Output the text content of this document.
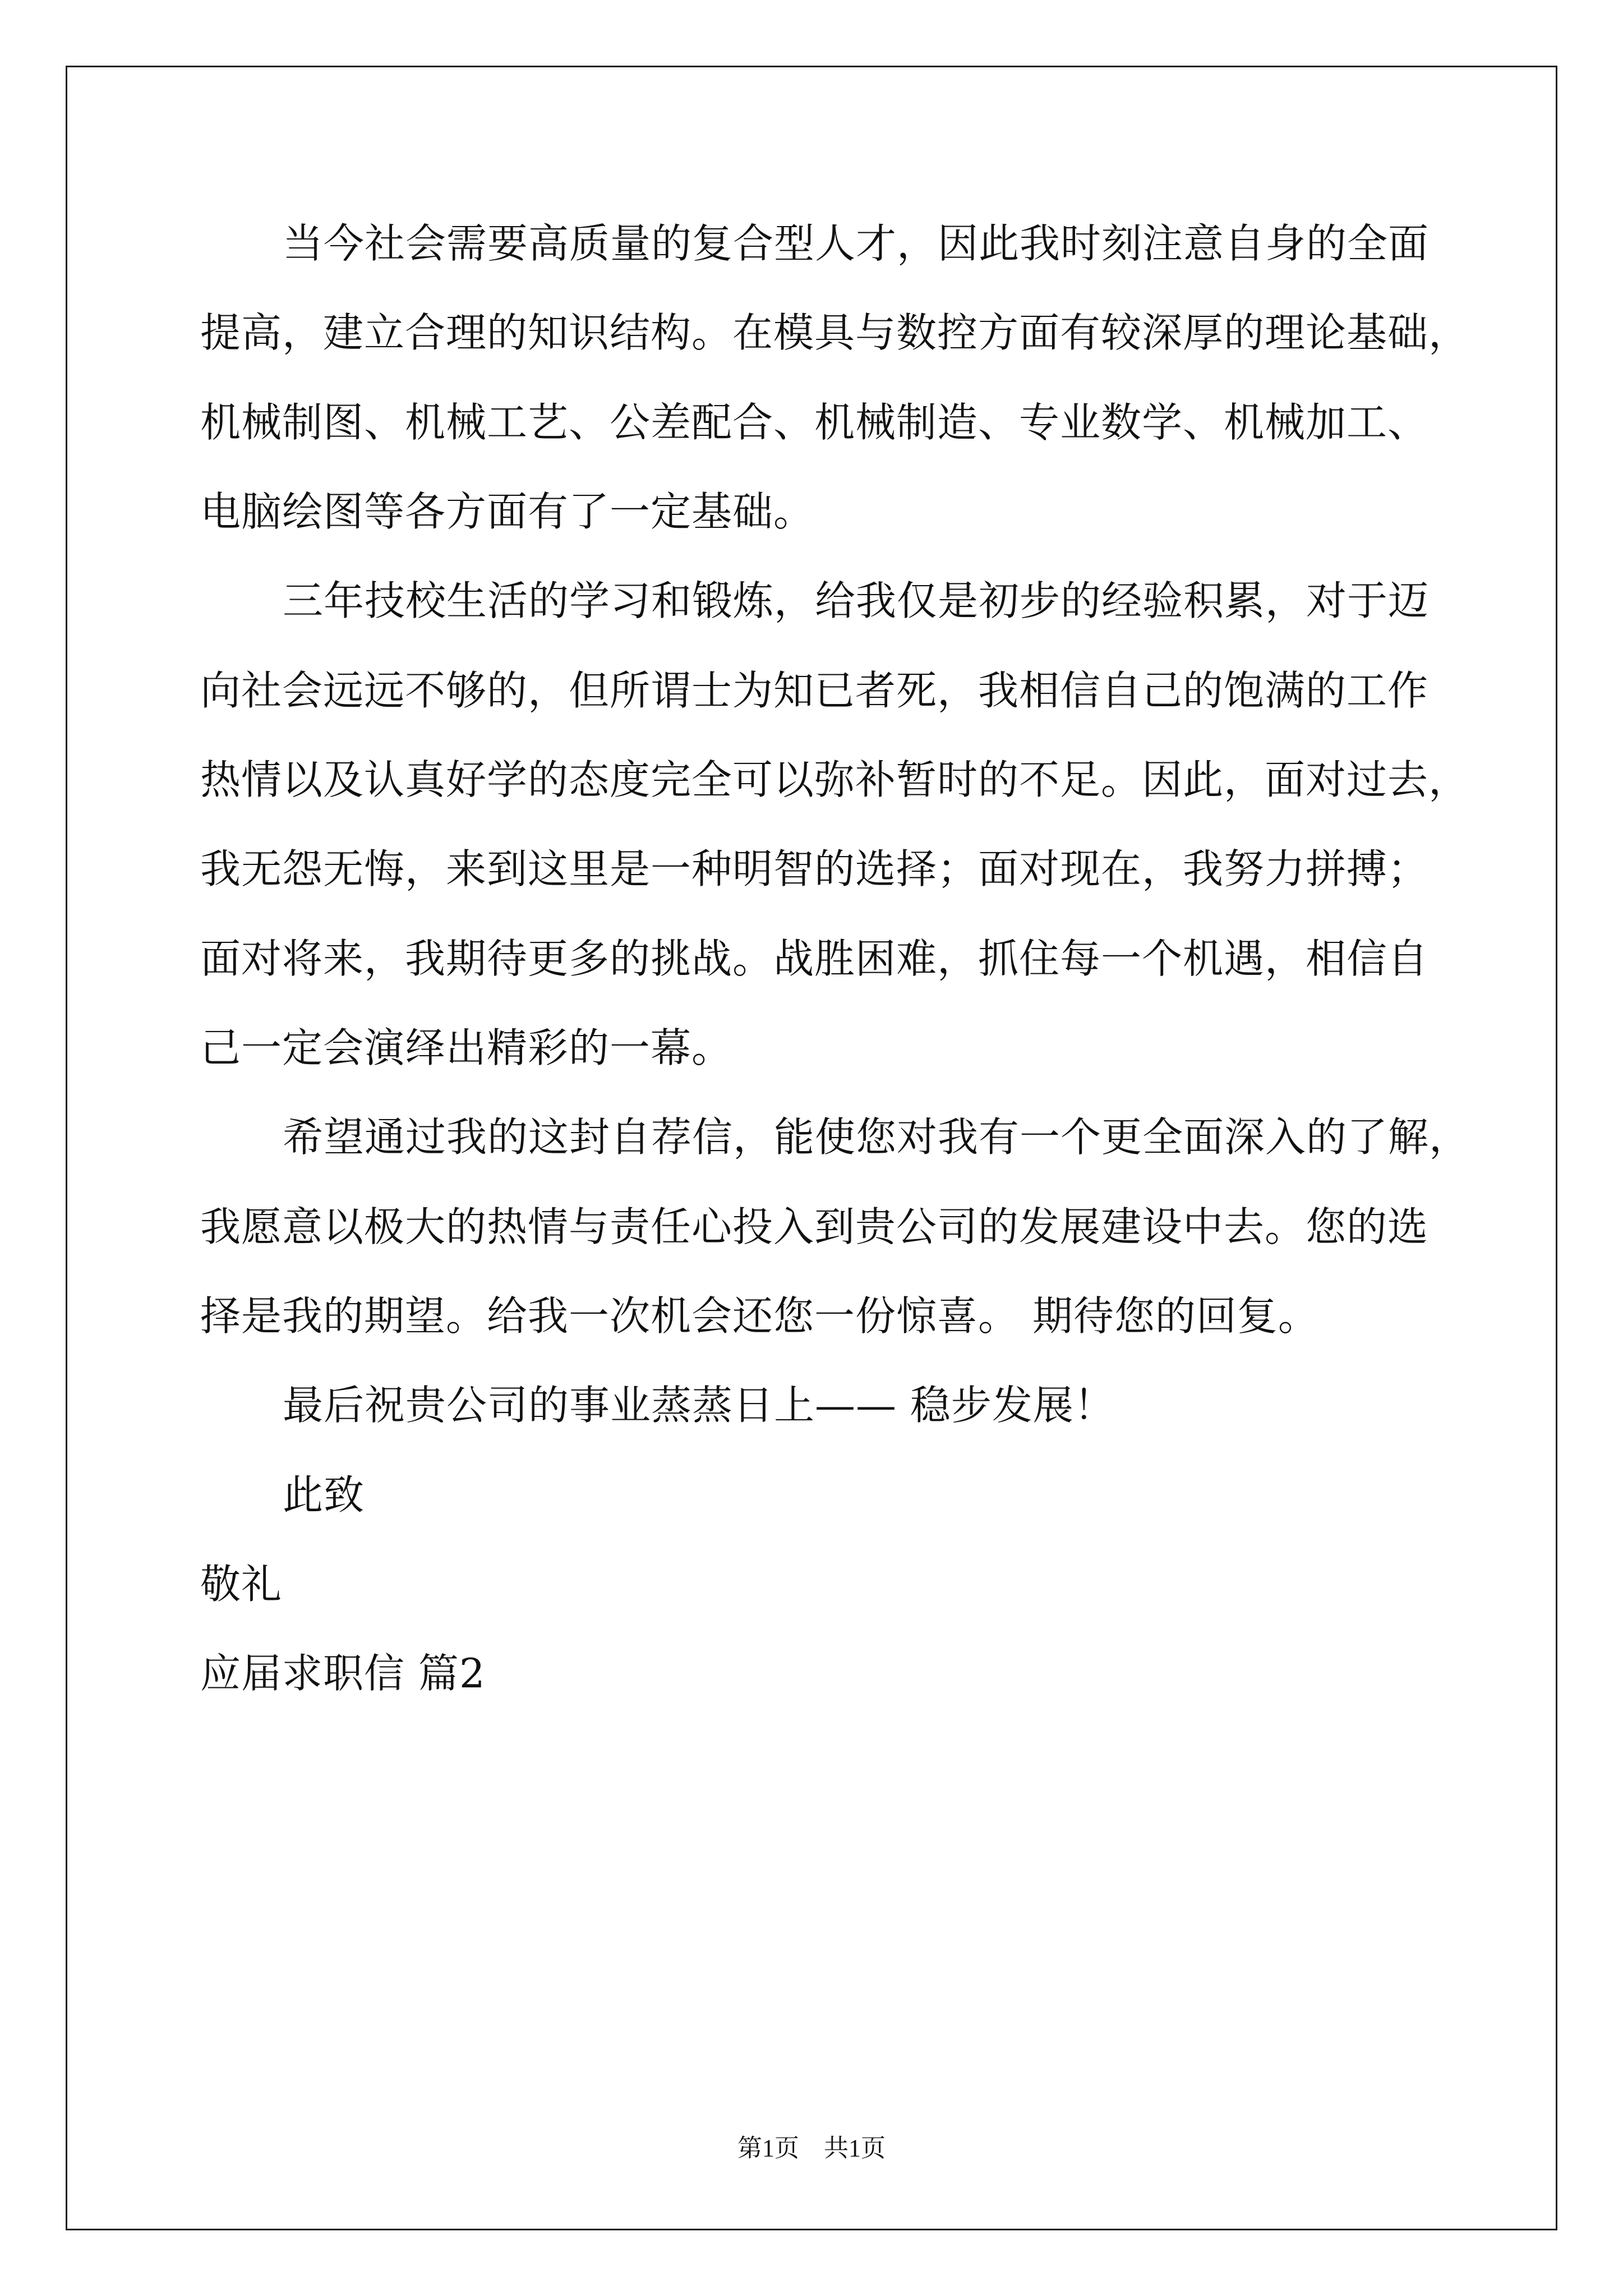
当今社会需要高质量的复合型人才，因此我时刻注意自身的全面
提高，建立合理的知识结构。在模具与数控方面有较深厚的理论基础，
机械制图、机械工艺、公差配合、机械制造、专业数学、机械加工、
电脑绘图等各方面有了一定基础。
三年技校生活的学习和锻炼，给我仅是初步的经验积累，对于迈
向社会远远不够的，但所谓士为知已者死，我相信自己的饱满的工作
热情以及认真好学的态度完全可以弥补暂时的不足。因此，面对过去，
我无怨无悔，来到这里是一种明智的选择；面对现在，我努力拼搏；
面对将来，我期待更多的挑战。战胜困难，抓住每一个机遇，相信自
己一定会演绎出精彩的一幕。
希望通过我的这封自荐信，能使您对我有一个更全面深入的了解，
我愿意以极大的热情与责任心投入到贵公司的发展建设中去。您的选
择是我的期望。给我一次机会还您一份惊喜。 期待您的回复。
最后祝贵公司的事业蒸蒸日上—— 稳步发展！
此致
敬礼
应届求职信 篇2
第1页　共1页
